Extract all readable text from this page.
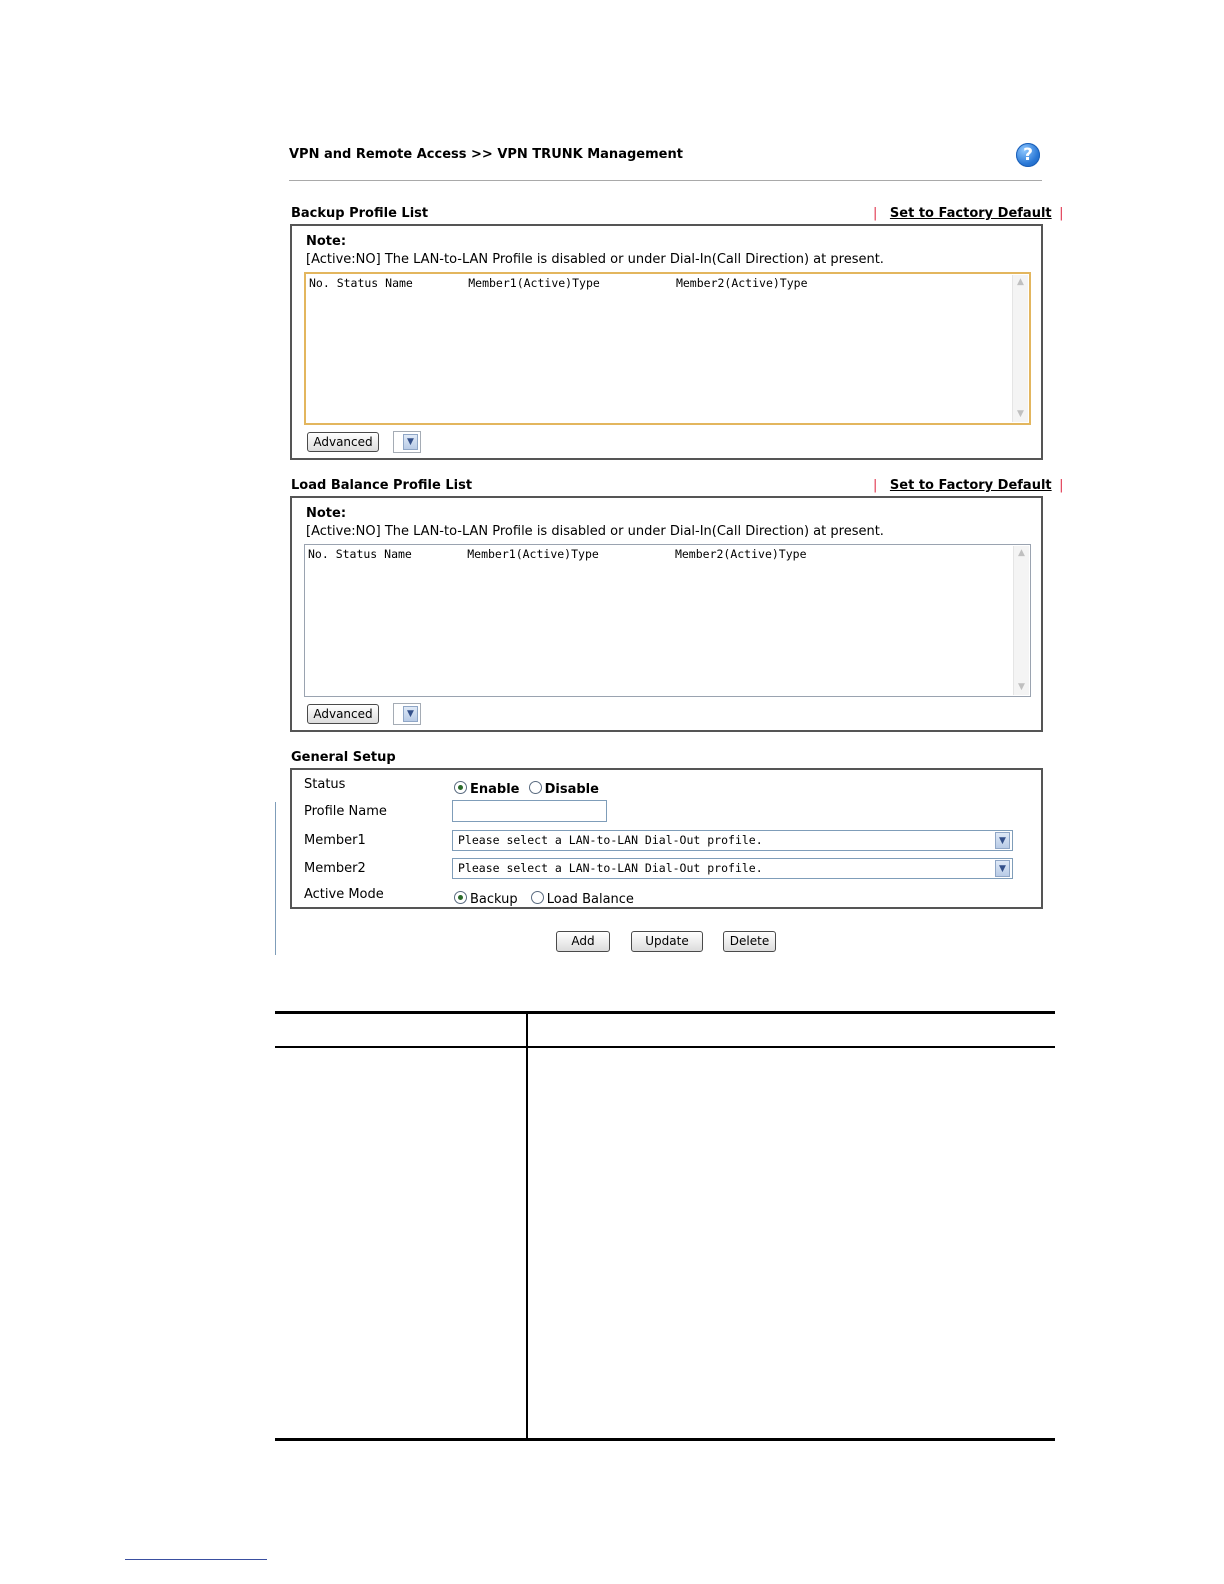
VPN and Remote Access >> VPN TRUNK Management	?
Backup Profile List	| Set to Factory Default |
Note:
[Active:NO] The LAN-to-LAN Profile is disabled or under Dial-In(Call Direction) at present.
No. Status Name        Member1(Active)Type           Member2(Active)Type	▲
▼
Advanced	▼
Load Balance Profile List	| Set to Factory Default |
Note:
[Active:NO] The LAN-to-LAN Profile is disabled or under Dial-In(Call Direction) at present.
No. Status Name        Member1(Active)Type           Member2(Active)Type	▲
▼
Advanced	▼
General Setup
Status	Enable Disable
Profile Name
Member1	Please select a LAN-to-LAN Dial-Out profile.	▼
Member2	Please select a LAN-to-LAN Dial-Out profile.	▼
Active Mode	Backup Load Balance
Add	Update	Delete
